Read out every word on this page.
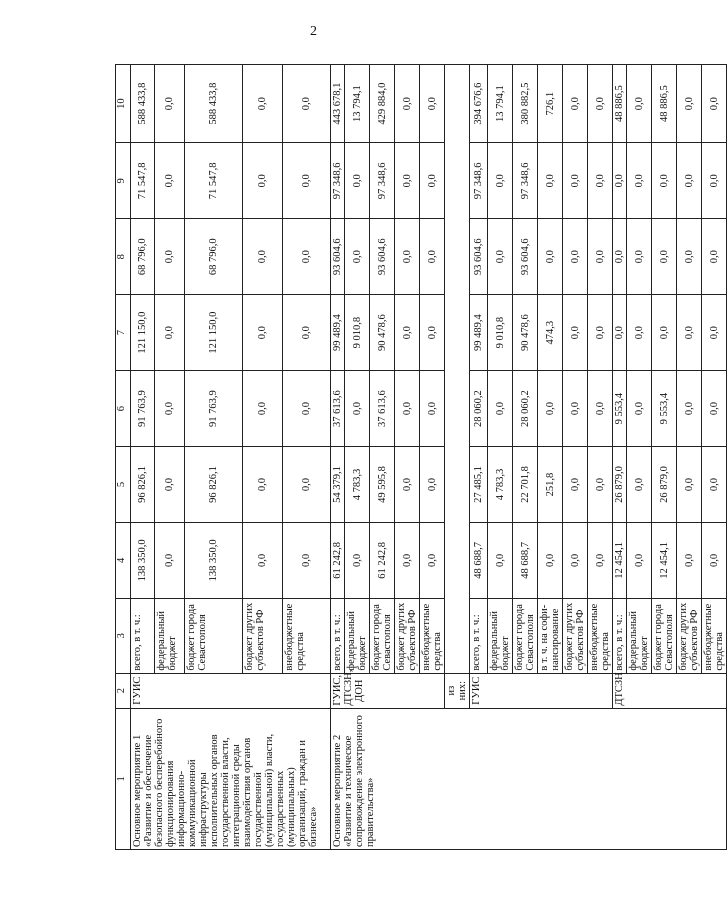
2
1	2	3	4	5	6	7	8	9	10
Основное мероприятие 1 «Развитие и обеспечение безопасного бесперебойного функционирования информационно-коммуникационной инфраструктуры исполнительных органов государственной власти, интеграционной среды взаимодействия органов государственной (муниципальной) власти, государственных (муниципальных) организаций, граждан и бизнеса»	ГУИС	всего, в т. ч.:	138 350,0	96 826,1	91 763,9	121 150,0	68 796,0	71 547,8	588 433,8
		федеральный бюджет	0,0	0,0	0,0	0,0	0,0	0,0	0,0
		бюджет города Севастополя	138 350,0	96 826,1	91 763,9	121 150,0	68 796,0	71 547,8	588 433,8
		бюджет других субъектов РФ	0,0	0,0	0,0	0,0	0,0	0,0	0,0
		внебюджетные средства	0,0	0,0	0,0	0,0	0,0	0,0	0,0
Основное мероприятие 2 «Развитие и техническое сопровождение электронного правительства»	ГУИС, ДТСЗН, ДОН	всего, в т. ч.:	61 242,8	54 379,1	37 613,6	99 489,4	93 604,6	97 348,6	443 678,1
		федеральный бюджет	0,0	4 783,3	0,0	9 010,8	0,0	0,0	13 794,1
		бюджет города Севастополя	61 242,8	49 595,8	37 613,6	90 478,6	93 604,6	97 348,6	429 884,0
		бюджет других субъектов РФ	0,0	0,0	0,0	0,0	0,0	0,0	0,0
		внебюджетные средства	0,0	0,0	0,0	0,0	0,0	0,0	0,0
	из них:								
	ГУИС	всего, в т. ч.:	48 688,7	27 485,1	28 060,2	99 489,4	93 604,6	97 348,6	394 676,6
		федеральный бюджет	0,0	4 783,3	0,0	9 010,8	0,0	0,0	13 794,1
		бюджет города Севастополя	48 688,7	22 701,8	28 060,2	90 478,6	93 604,6	97 348,6	380 882,5
		в т. ч. на софи-нансирование	0,0	251,8	0,0	474,3	0,0	0,0	726,1
		бюджет других субъектов РФ	0,0	0,0	0,0	0,0	0,0	0,0	0,0
		внебюджетные средства	0,0	0,0	0,0	0,0	0,0	0,0	0,0
	ДТСЗН	всего, в т. ч.:	12 454,1	26 879,0	9 553,4	0,0	0,0	0,0	48 886,5
		федеральный бюджет	0,0	0,0	0,0	0,0	0,0	0,0	0,0
		бюджет города Севастополя	12 454,1	26 879,0	9 553,4	0,0	0,0	0,0	48 886,5
		бюджет других субъектов РФ	0,0	0,0	0,0	0,0	0,0	0,0	0,0
		внебюджетные средства	0,0	0,0	0,0	0,0	0,0	0,0	0,0
